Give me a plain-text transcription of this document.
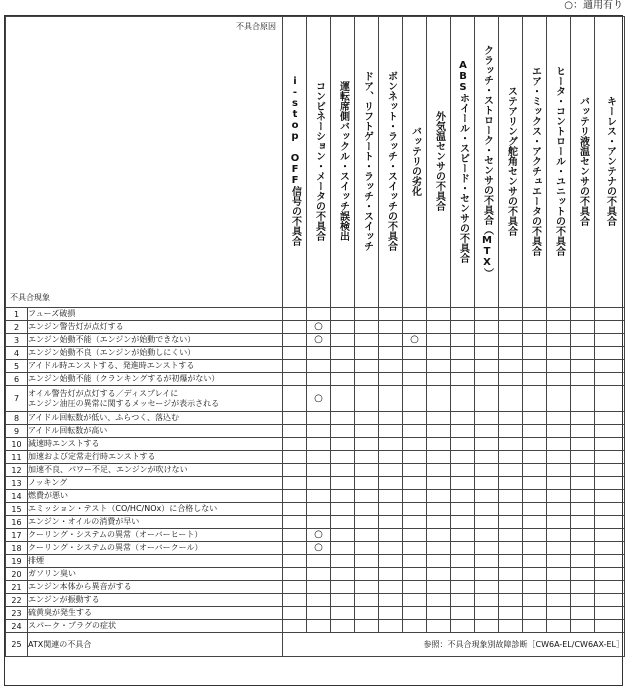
○：適用有り
不具合原因
不具合現象		i-stop OFF信号の不具合	コンビネーション・メータの不具合	運転席側バックル・スイッチ誤検出	ドア、リフトゲート・ラッチ・スイッチ	ボンネット・ラッチ・スイッチの不具合	バッテリの劣化	外気温センサの不具合	ABSホイール・スピード・センサの不具合	クラッチ・ストローク・センサの不具合（MTX）	ステアリング舵角センサの不具合	エア・ミックス・アクチュエータの不具合	ヒータ・コントロール・ユニットの不具合	バッテリ液温センサの不具合	キーレス・アンテナの不具合
1	フューズ破損														

2	エンジン警告灯が点灯する		○												
3	エンジン始動不能（エンジンが始動できない）		○				○								
4	エンジン始動不良（エンジンが始動しにくい）														

5	アイドル時エンストする、発進時エンストする														

6	エンジン始動不能（クランキングするが初爆がない）														

7	オイル警告灯が点灯する／ディスプレイに
エンジン油圧の異常に関するメッセージが表示される		○												
8	アイドル回転数が低い、ふらつく、落込む														

9	アイドル回転数が高い														

10	減速時エンストする														

11	加速および定常走行時エンストする														

12	加速不良、パワー不足、エンジンが吹けない														

13	ノッキング														

14	燃費が悪い														

15	エミッション・テスト（CO/HC/NOx）に合格しない														

16	エンジン・オイルの消費が早い														

17	クーリング・システムの異常（オーバーヒート）		○												
18	クーリング・システムの異常（オーバークール）		○												
19	排煙														

20	ガソリン臭い														

21	エンジン本体から異音がする														

22	エンジンが振動する														

23	硫黄臭が発生する														

24	スパーク・プラグの症状														

25	ATX関連の不具合	参照：不具合現象別故障診断［CW6A-EL/CW6AX-EL］													
